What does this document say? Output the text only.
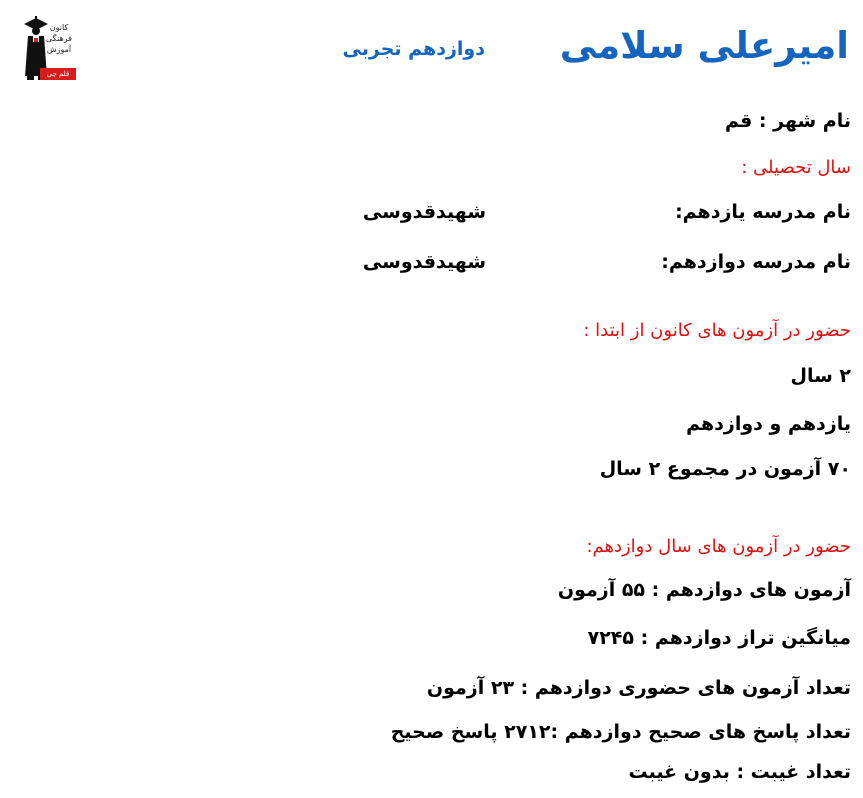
کانون
فرهنگی
آموزش
قلم چی
امیرعلی سلامی
دوازدهم تجربی
نام شهر : قم
سال تحصیلی :
نام مدرسه یازدهم:
شهیدقدوسی
نام مدرسه دوازدهم:
شهیدقدوسی
حضور در آزمون های کانون از ابتدا :
۲ سال
یازدهم و دوازدهم
۷۰ آزمون در مجموع ۲ سال
حضور در آزمون های سال دوازدهم:
آزمون های دوازدهم : ۵۵ آزمون
میانگین تراز دوازدهم : ۷۲۴۵
تعداد آزمون های حضوری دوازدهم : ۲۳ آزمون
تعداد پاسخ های صحیح دوازدهم :۲۷۱۲ پاسخ صحیح
تعداد غیبت : بدون غیبت
